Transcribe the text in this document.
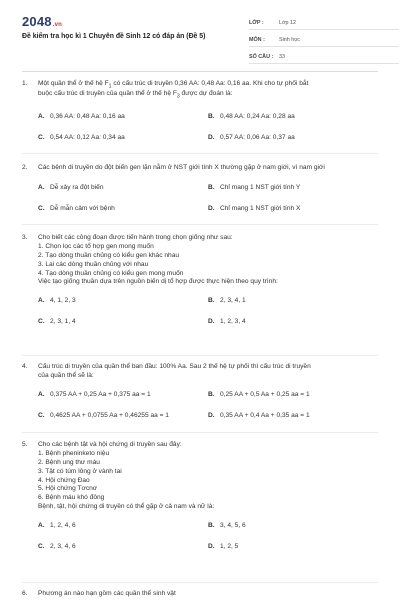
2048.vn
Đề kiểm tra học kì 1 Chuyên đề Sinh 12 có đáp án (Đề 5)
LỚP :	Lớp 12
MÔN :	Sinh học
SỐ CÂU :	33
1.	Một quần thể ở thế hệ $F_1$ có cấu trúc di truyền 0,36 AA: 0,48 Aa: 0,16 aa. Khi cho tự phối bắt
buộc cấu trúc di truyền của quần thể ở thế hệ $F_3$ được dự đoán là:
A. 0,36 AA: 0,48 Aa: 0,16 aa	B. 0,48 AA: 0,24 Aa: 0,28 aa
C. 0,54 AA: 0,12 Aa: 0,34 aa	D. 0,57 AA: 0,06 Aa: 0,37 aa
2.	Các bệnh di truyền do đột biến gen lặn nằm ở NST giới tính X thường gặp ở nam giới, vì nam giới
A. Dễ xảy ra đột biến	B. Chỉ mang 1 NST giới tính Y
C. Dễ mẫn cảm với bệnh	D. Chỉ mang 1 NST giới tính X
3.	Cho biết các công đoạn được tiến hành trong chọn giống như sau:
1. Chọn lọc các tổ hợp gen mong muốn
2. Tạo dòng thuần chủng có kiểu gen khác nhau
3. Lai các dòng thuần chủng với nhau
4. Tạo dòng thuần chủng có kiểu gen mong muốn
Việc tạo giống thuần dựa trên nguồn biến dị tổ hợp được thực hiện theo quy trình:
A. 4, 1, 2, 3	B. 2, 3, 4, 1
C. 2, 3, 1, 4	D. 1, 2, 3, 4
4.	Cấu trúc di truyền của quần thể ban đầu: 100% Aa. Sau 2 thế hệ tự phối thì cấu trúc di truyền
của quần thể sẽ là:
A. 0,375 AA + 0,25 Aa + 0,375 aa = 1	B. 0,25 AA + 0,5 Aa + 0,25 aa = 1
C. 0,4625 AA + 0,0755 Aa + 0,46255 aa = 1	D. 0,35 AA + 0,4 Aa + 0,35 aa = 1
5.	Cho các bệnh tật và hội chứng di truyền sau đây:
1. Bệnh pheninketo niệu
2. Bệnh ung thư máu
3. Tật có túm lông ở vành tai
4. Hội chứng Đao
5. Hội chứng Tơcnơ
6. Bệnh máu khó đông
Bệnh, tật, hội chứng di truyền có thể gặp ở cả nam và nữ là:
A. 1, 2, 4, 6	B. 3, 4, 5, 6
C. 2, 3, 4, 6	D. 1, 2, 5
6.	Phương án nào hạn gồm các quần thể sinh vật
